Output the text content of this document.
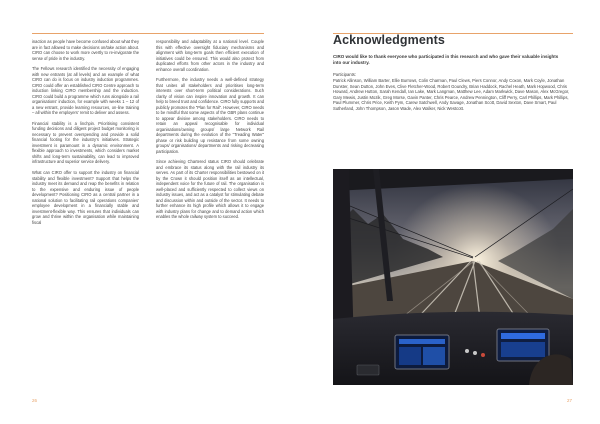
inaction as people have become confused about what they are in fact allowed to make decisions on/take action about. CIRO can choose to work more overtly to re-invigorate the sense of pride in the industry.

The Fellows research identified the necessity of engaging with new entrants (at all levels) and an example of what CIRO can do is focus on industry induction programmes. CIRO could offer an established CIRO Centre approach to induction linking CIRO membership and the induction. CIRO could build a programme which runs alongside a rail organisations’ induction, for example with weeks 1 – 12 of a new entrant, provide learning resources, on-line training – all within the employers’ remit to deliver and assess.

Financial stability is a linchpin. Prioritising consistent funding decisions and diligent project budget monitoring is necessary to prevent overspending and provide a solid financial footing for the industry’s initiatives. Strategic investment is paramount in a dynamic environment. A flexible approach to investments, which considers market shifts and long-term sustainability, can lead to improved infrastructure and superior service delivery.

What can CIRO offer to support the industry on financial stability and flexible investment? Support that helps the industry meet its demand and reap the benefits in relation to the expensive and enduring issue of people development? Positioning CIRO as a central partner in a national solution to facilitating rail operations companies’ employee development in a financially stable and investment-flexible way. This ensures that individuals can grow and thrive within the organisation while maintaining fiscal

responsibility and adaptability at a national level. Couple this with effective oversight fiduciary mechanisms and alignment with long-term goals then efficient execution of initiatives could be ensured. This would also protect from duplicated efforts from other actors in the industry and enhance overall coordination.

Furthermore, the industry needs a well-defined strategy that unites all stakeholders and prioritises long-term interests over short-term political considerations. Such clarity of vision can inspire innovation and growth. It can help to breed trust and confidence. CIRO fully supports and publicly promotes the “Plan for Rail”. However, CIRO needs to be mindful that some aspects of the GBR plans continue to appear divisive among stakeholders. CIRO needs to retain an appeal recognisable for individual organisations/owning groups/ large Network Rail departments during the evolution of the “Treading Water” phase or risk building up resistance from some owning groups/ organisations/ departments and risking decreasing participation.

Since achieving Chartered status CIRO should celebrate and embrace its status along with the rail industry its serves. As part of its Charter responsibilities bestowed on it by the Crown it should position itself as an intellectual, independent voice for the future of rail. The organisation is well-placed and sufficiently respected to collect views on industry issues, and act as a catalyst for stimulating debate and discussion within and outside of the sector. It needs to further enhance its high profile which allows it to engage with industry plans for change and to demand action which enables the whole railway system to succeed.

26
Acknowledgments
CIRO would like to thank everyone who participated in this research and who gave their valuable insights into our industry.
Participants:
Patrick Allinson, William Barter, Ellie Burrows, Colin Charman, Paul Clews, Piers Connor, Andy Coxon, Mark Coyle, Jonathan Dunster, Sean Dutton, John Eves, Clive Fletcher-Wood, Robert Goundry, Brian Haddock, Rachel Heath, Mark Hopwood, Chris Howard, Andrew Hutton, Sarah Kendall, Ian Lake, Mark Langman, Matthew Lee, Adam Markwick, Dave Mason, Alex McGregor, Gary Mewis, Justin Mozik, Greg Morse, Gavin Panter, Chris Pearce, Andrew Pennington, Cliff Perry, Carl Phillips, Mark Phillips, Paul Plummer, Chris Price, Keith Pym, Carew Satchwell, Andy Savage, Jonathan Scott, David Sexton, Dave Smart, Paul Sutherland, John Thompson, Jason Wade, Alex Walker, Nick Westcott.
27
